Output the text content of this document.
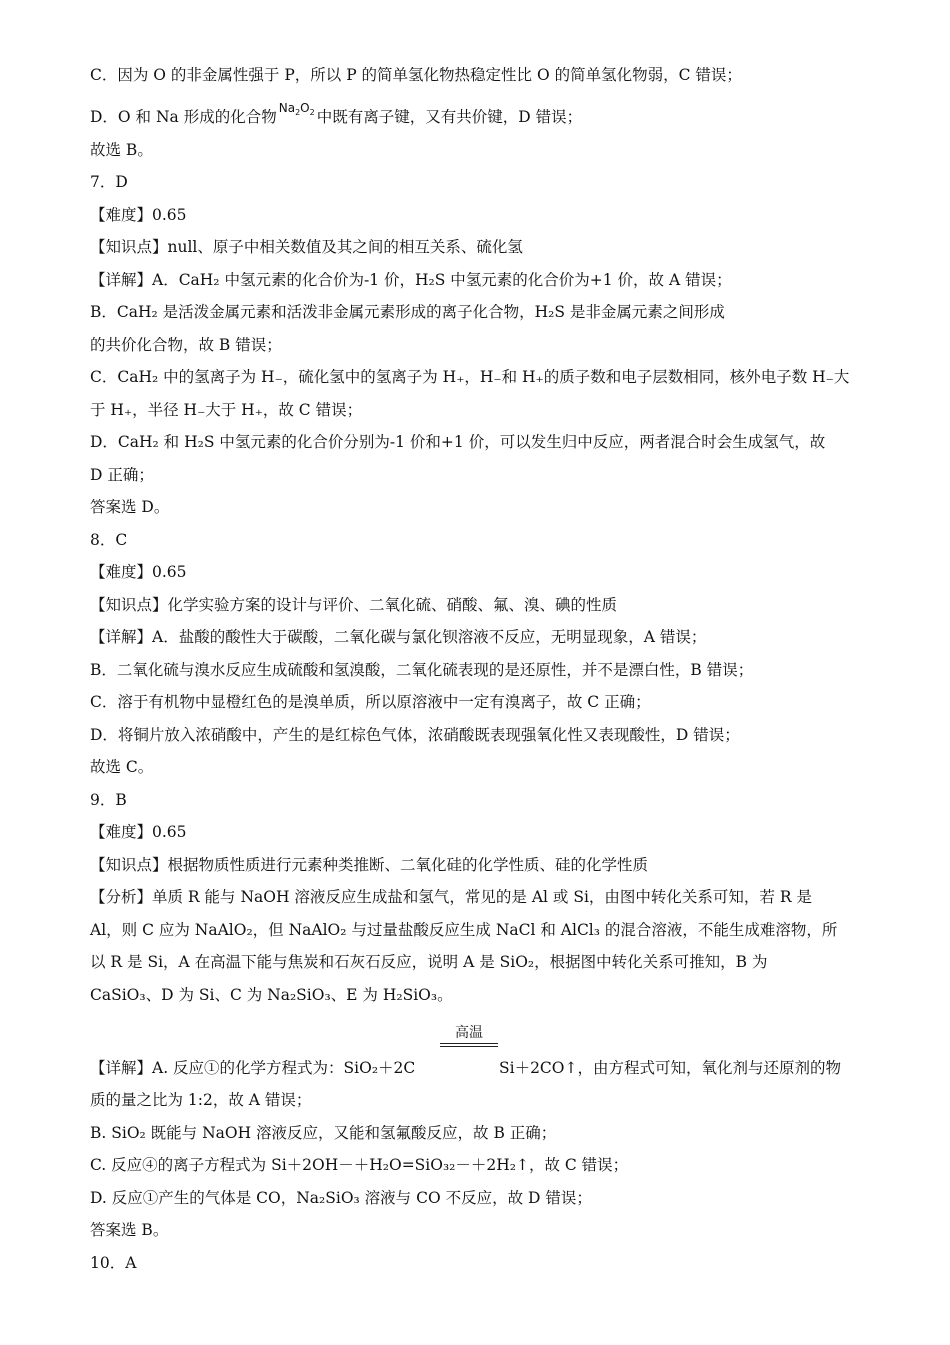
C．因为 O 的非金属性强于 P，所以 P 的简单氢化物热稳定性比 O 的简单氢化物弱，C 错误；
D．O 和 Na 形成的化合物 $Na_2O_2$ 中既有离子键，又有共价键，D 错误；
故选 B。
7．D
【难度】0.65
【知识点】null、原子中相关数值及其之间的相互关系、硫化氢
【详解】A．CaH₂ 中氢元素的化合价为-1 价，H₂S 中氢元素的化合价为+1 价，故 A 错误；
B．CaH₂ 是活泼金属元素和活泼非金属元素形成的离子化合物，H₂S 是非金属元素之间形成
的共价化合物，故 B 错误；
C．CaH₂ 中的氢离子为 H₋，硫化氢中的氢离子为 H₊，H₋和 H₊的质子数和电子层数相同，核外电子数 H₋大
于 H₊，半径 H₋大于 H₊，故 C 错误；
D．CaH₂ 和 H₂S 中氢元素的化合价分别为-1 价和+1 价，可以发生归中反应，两者混合时会生成氢气，故
D 正确；
答案选 D。
8．C
【难度】0.65
【知识点】化学实验方案的设计与评价、二氧化硫、硝酸、氟、溴、碘的性质
【详解】A．盐酸的酸性大于碳酸，二氧化碳与氯化钡溶液不反应，无明显现象，A 错误；
B．二氧化硫与溴水反应生成硫酸和氢溴酸，二氧化硫表现的是还原性，并不是漂白性，B 错误；
C．溶于有机物中显橙红色的是溴单质，所以原溶液中一定有溴离子，故 C 正确；
D．将铜片放入浓硝酸中，产生的是红棕色气体，浓硝酸既表现强氧化性又表现酸性，D 错误；
故选 C。
9．B
【难度】0.65
【知识点】根据物质性质进行元素种类推断、二氧化硅的化学性质、硅的化学性质
【分析】单质 R 能与 NaOH 溶液反应生成盐和氢气，常见的是 Al 或 Si，由图中转化关系可知，若 R 是
Al，则 C 应为 NaAlO₂，但 NaAlO₂ 与过量盐酸反应生成 NaCl 和 AlCl₃ 的混合溶液，不能生成难溶物，所
以 R 是 Si，A 在高温下能与焦炭和石灰石反应，说明 A 是 SiO₂，根据图中转化关系可推知，B 为
CaSiO₃、D 为 Si、C 为 Na₂SiO₃、E 为 H₂SiO₃。
高温
【详解】A. 反应①的化学方程式为：SiO₂＋2C	Si＋2CO↑，由方程式可知，氧化剂与还原剂的物
质的量之比为 1:2，故 A 错误；
B. SiO₂ 既能与 NaOH 溶液反应，又能和氢氟酸反应，故 B 正确；
C. 反应④的离子方程式为 Si＋2OH－＋H₂O=SiO₃₂－＋2H₂↑，故 C 错误；
D. 反应①产生的气体是 CO，Na₂SiO₃ 溶液与 CO 不反应，故 D 错误；
答案选 B。
10．A
